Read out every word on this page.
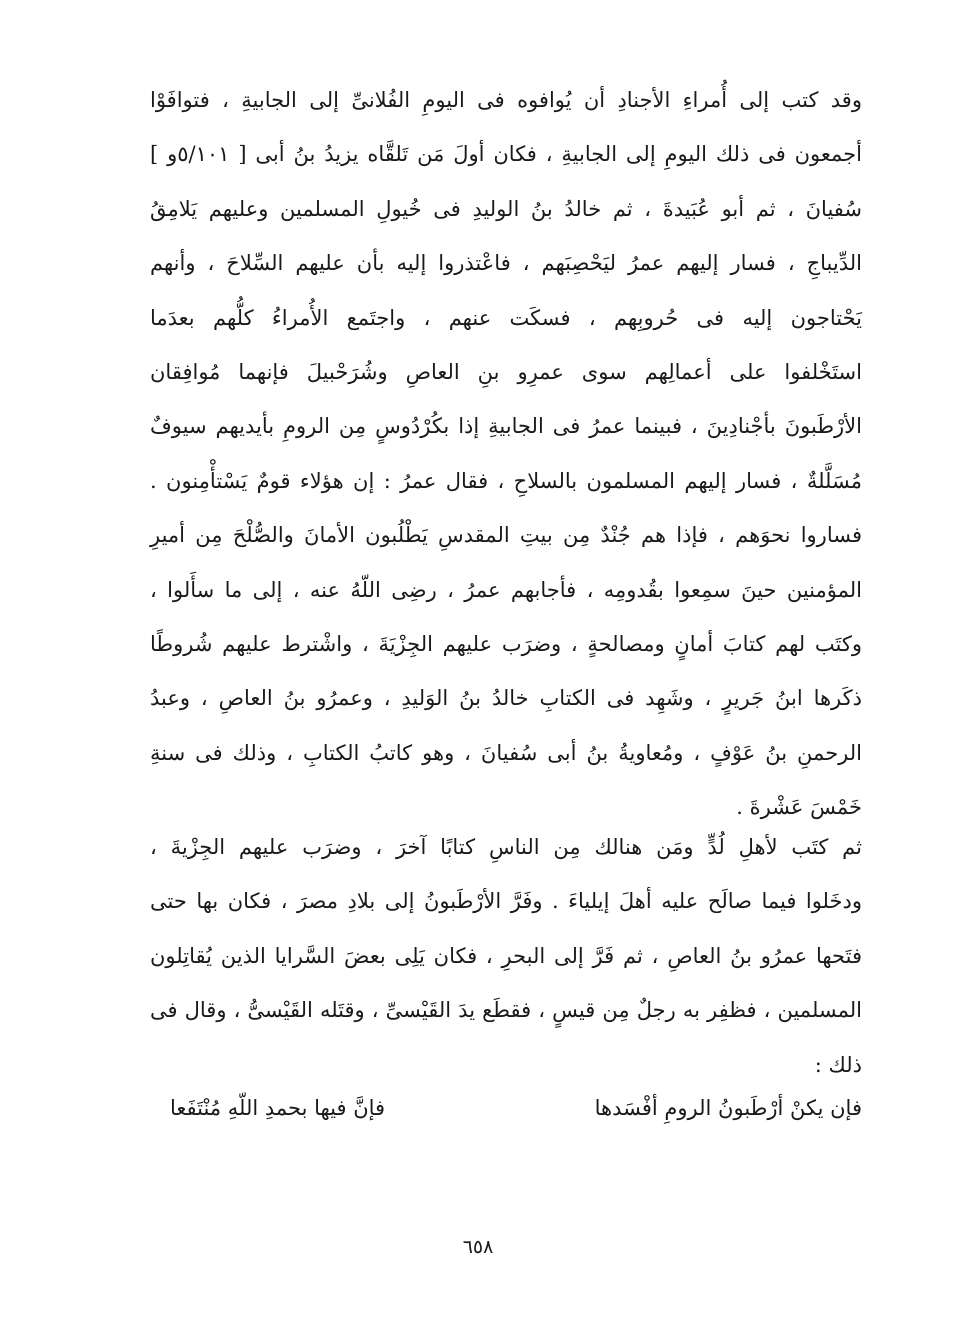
وقد كتب إلى أُمراءِ الأجنادِ أن يُوافوه فى اليومِ الفُلانىِّ إلى الجابيةِ ، فتوافَوْا
أجمعون فى ذلك اليومِ إلى الجابيةِ ، فكان أولَ مَن تَلقَّاه يزيدُ بنُ أبى [ ٥/١٠١و ]
سُفيانَ ، ثم أبو عُبَيدةَ ، ثم خالدُ بنُ الوليدِ فى خُيولِ المسلمين وعليهم يَلامِقُ
الدِّيباجِ ، فسار إليهم عمرُ ليَحْصِبَهم ، فاعْتذروا إليه بأن عليهم السِّلاحَ ، وأنهم
يَحْتاجون إليه فى حُروبِهم ، فسكَت عنهم ، واجتَمع الأُمراءُ كلُّهم بعدَما
استَخْلفوا على أعمالِهم سوى عمرِو بنِ العاصِ وشُرَحْبيلَ فإنهما مُوافِقان
الأرْطَبونَ بأجْنادِينَ ، فبينما عمرُ فى الجابيةِ إذا بكُرْدُوسٍ مِن الرومِ بأيديهم سيوفٌ
مُسَلَّلةٌ ، فسار إليهم المسلمون بالسلاحِ ، فقال عمرُ : إن هؤلاء قومٌ يَسْتأْمِنون .
فساروا نحوَهم ، فإذا هم جُنْدٌ مِن بيتِ المقدسِ يَطْلُبون الأمانَ والصُّلْحَ مِن أميرِ
المؤمنين حينَ سمِعوا بقُدومِه ، فأجابهم عمرُ ، رضِى اللّهُ عنه ، إلى ما سأَلوا ،
وكتَب لهم كتابَ أمانٍ ومصالحةٍ ، وضرَب عليهم الجِزْيَةَ ، واشْترط عليهم شُروطًا
ذكَرها ابنُ جَريرٍ ، وشَهِد فى الكتابِ خالدُ بنُ الوَليدِ ، وعمرُو بنُ العاصِ ، وعبدُ
الرحمنِ بنُ عَوْفٍ ، ومُعاويةُ بنُ أبى سُفيانَ ، وهو كاتبُ الكتابِ ، وذلك فى سنةِ
خَمْسَ عَشْرةَ .
ثم كتَب لأهلِ لُدٍّ ومَن هنالك مِن الناسِ كتابًا آخرَ ، وضرَب عليهم الجِزْيةَ ،
ودخَلوا فيما صالَح عليه أهلَ إيلياءَ . وفَرَّ الأرْطَبونُ إلى بلادِ مصرَ ، فكان بها حتى
فتَحها عمرُو بنُ العاصِ ، ثم فَرَّ إلى البحرِ ، فكان يَلِى بعضَ السَّرايا الذين يُقاتِلون
المسلمين ، فظفِر به رجلٌ مِن قيسٍ ، فقطَع يدَ القَيْسىِّ ، وقتَله القَيْسىُّ ، وقال فى
ذلك :
فإن يكنْ أرْطَبونُ الرومِ أفْسَدها
فإنَّ فيها بحمدِ اللّهِ مُنْتَفَعا
٦٥٨
